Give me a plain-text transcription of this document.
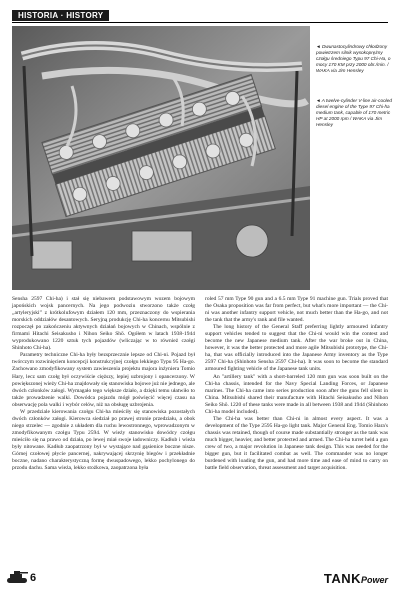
HISTORIA · HISTORY
◄ Dwunastocylindrowy chłodzony powietrzem silnik wysokoprężny czołgu średniego Typu 97 Chi-Ha, o mocy 170 KM przy 2000 obr./min. / WAKA via Jim Hensley
◄ A twelve-cylinder V-line air-cooled diesel engine of the Type 97 Chi-ha medium tank, capable of 170 metric HP at 2000 rpm / WAKA via Jim Hensley

Sensha 2597 Chi-ha) i stał się niebawem podstawowym wozem bojowym japońskich wojsk pancernych. Na jego podwoziu stworzono także czołg „artyleryjski” z krótkolufowym działem 120 mm, przeznaczony do wspierania morskich oddziałów desantowych. Seryjną produkcję Chi-ha koncernu Mitsubishi rozpoczęł po zakończeniu aktywnych działań bojowych w Chinach, wspólnie z firmami Hitachi Seisakusho i Nihon Seiko Shō. Ogółem w latach 1938-1944 wyprodukowano 1220 sztuk tych pojazdów (wliczając w to również czołgi Shinhoto Chi-ha).

Parametry techniczne Chi-ha były bezsprzecznie lepsze od Chi-ni. Pojazd był twórczym rozwinięciem koncepcji konstrukcyjnej czołgu lekkiego Typu 95 Ha-go. Zachowano zmodyfikowany system zawieszenia projektu majora inżyniera Tomio Hary, lecz sam czołg był oczywiście cięższy, lepiej uzbrojony i opancerzony. W powiększonej wieży Chi-ha znajdowały się stanowiska bojowe już nie jednego, ale dwóch członków załogi. Wymagało tego większe działo, a dzięki temu ułatwiło to także prowadzenie walki. Dowódca pojazdu mógł poświęcić więcej czasu na obserwację pola walki i wybór celów, niż na obsługę uzbrojenia.

W przedziale kierowania czołgu Chi-ha mieściły się stanowiska pozostałych dwóch członków załogi. Kierowca siedział po prawej stronie przedziału, a obok niego strzelec — zgodnie z układem dla ruchu lewostronnego, wprowadzonym w zmodyfikowanym czołgu Typu 2594. W wieży stanowisko dowódcy czołgu mieściło się na prawo od działa, po lewej miał swoje ładowniczy. Kadłub i wieża były nitowane. Kadłub zaopatrzony był w wystające nad gąsienice boczne nisze. Górnej czołowej płycie pancernej, nakrywającej skrzynię biegów i przekładnie boczne, nadano charakterystyczną formę dwuspadowego, lekko pochylonego do przodu dachu. Sama wieża, lekko stożkowa, zaopatrzona była

roled 57 mm Type 90 gun and a 6.5 mm Type 91 machine gun. Trials proved that the Osaka proposition was far from perfect, but what's more important — the Chi-ni was another infantry support vehicle, not much better than the Ha-go, and not the tank that the army's rank and file wanted.

The long history of the General Staff preferring lightly armoured infantry support vehicles tended to suggest that the Chi-ni would win the contest and become the new Japanese medium tank. After the war broke out in China, however, it was the better protected and more agile Mitsubishi prototype, the Chi-ha, that was officially introduced into the Japanese Army inventory as the Type 2597 Chi-ha (Shinhoto Sensha 2597 Chi-ha). It was soon to become the standard armoured fighting vehicle of the Japanese tank units.

An "artillery tank" with a short-barreled 120 mm gun was soon built on the Chi-ha chassis, intended for the Navy Special Landing Forces, or Japanese marines. The Chi-ha came into series production soon after the guns fell silent in China. Mitsubishi shared their manufacture with Hitachi Seisakusho and Nihon Seiko Shō. 1220 of these tanks were made in all between 1938 and 1944 (Shinhoto Chi-ha model included).

The Chi-ha was better than Chi-ni in almost every aspect. It was a development of the Type 2595 Ha-go light tank. Major General Eng. Tomio Hara's chassis was retained, though of course made substantially stronger as the tank was much bigger, heavier, and better protected and armed. The Chi-ha turret held a gun crew of two, a major revolution in Japanese tank design. This was needed for the bigger gun, but it facilitated combat as well. The commander was no longer burdened with loading the gun, and had more time and ease of mind to carry on battle field observation, threat assessment and target acquisition.

6	TANKPower
